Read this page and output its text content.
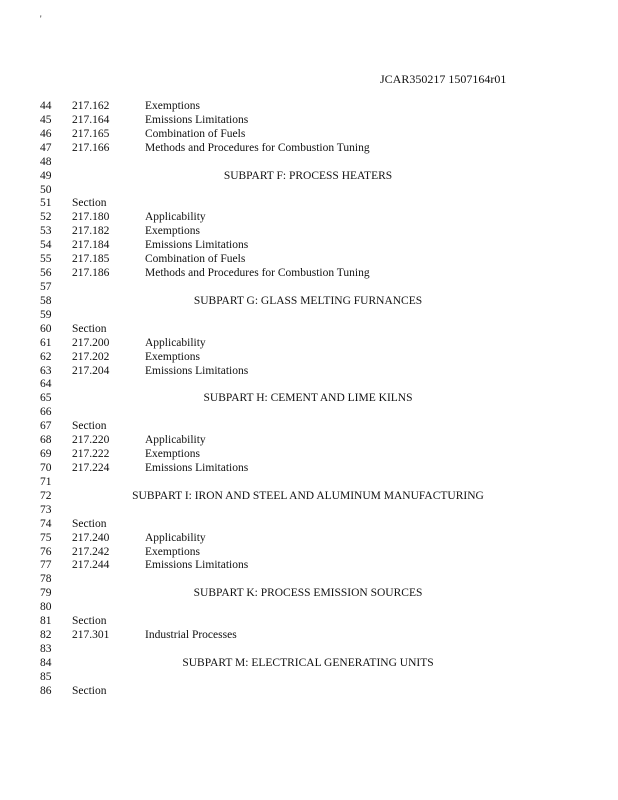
'
JCAR350217 1507164r01
44 217.162	Exemptions
45 217.164	Emissions Limitations
46 217.165	Combination of Fuels
47 217.166	Methods and Procedures for Combustion Tuning
48
49	SUBPART F: PROCESS HEATERS
50
51 Section
52 217.180	Applicability
53 217.182	Exemptions
54 217.184	Emissions Limitations
55 217.185	Combination of Fuels
56 217.186	Methods and Procedures for Combustion Tuning
57
58	SUBPART G: GLASS MELTING FURNANCES
59
60 Section
61 217.200	Applicability
62 217.202	Exemptions
63 217.204	Emissions Limitations
64
65	SUBPART H: CEMENT AND LIME KILNS
66
67 Section
68 217.220	Applicability
69 217.222	Exemptions
70 217.224	Emissions Limitations
71
72	SUBPART I: IRON AND STEEL AND ALUMINUM MANUFACTURING
73
74 Section
75 217.240	Applicability
76 217.242	Exemptions
77 217.244	Emissions Limitations
78
79	SUBPART K: PROCESS EMISSION SOURCES
80
81 Section
82 217.301	Industrial Processes
83
84	SUBPART M: ELECTRICAL GENERATING UNITS
85
86 Section
